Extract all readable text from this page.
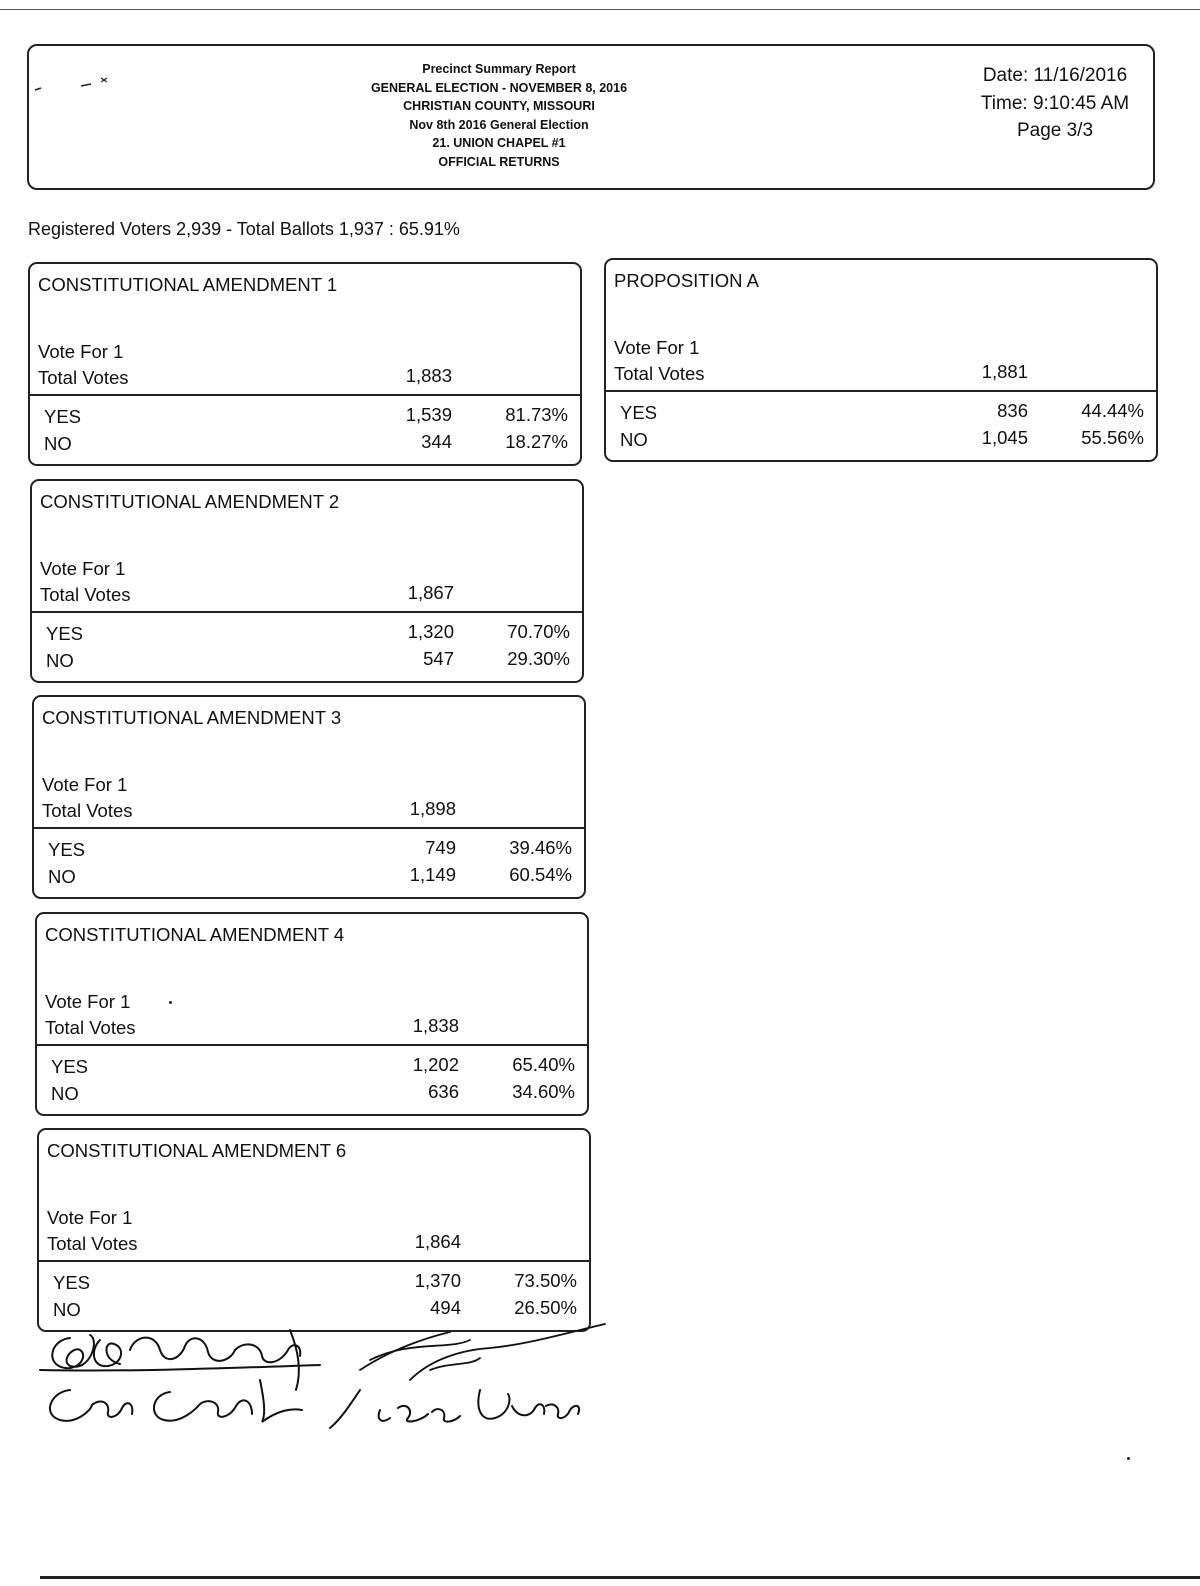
Precinct Summary Report
GENERAL ELECTION - NOVEMBER 8, 2016
CHRISTIAN COUNTY, MISSOURI
Nov 8th 2016 General Election
21. UNION CHAPEL #1
OFFICIAL RETURNS
Date: 11/16/2016
Time: 9:10:45 AM
Page 3/3
Registered Voters 2,939 - Total Ballots 1,937 : 65.91%
CONSTITUTIONAL AMENDMENT 1
Vote For 1
Total Votes	1,883
YES	1,539	81.73%
NO	344	18.27%
CONSTITUTIONAL AMENDMENT 2
Vote For 1
Total Votes	1,867
YES	1,320	70.70%
NO	547	29.30%
CONSTITUTIONAL AMENDMENT 3
Vote For 1
Total Votes	1,898
YES	749	39.46%
NO	1,149	60.54%
CONSTITUTIONAL AMENDMENT 4
Vote For 1
Total Votes	1,838
YES	1,202	65.40%
NO	636	34.60%
CONSTITUTIONAL AMENDMENT 6
Vote For 1
Total Votes	1,864
YES	1,370	73.50%
NO	494	26.50%
PROPOSITION A
Vote For 1
Total Votes	1,881
YES	836	44.44%
NO	1,045	55.56%
